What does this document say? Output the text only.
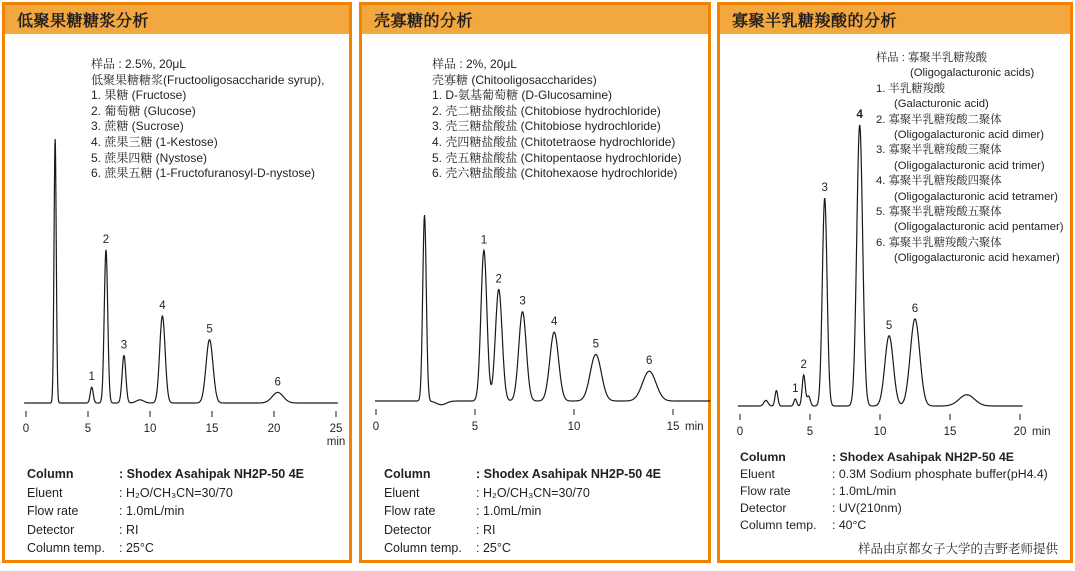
低聚果糖糖浆分析
样品 : 2.5%, 20μL
低聚果糖糖浆(Fructooligosaccharide syrup),
1. 果糖 (Fructose)
2. 葡萄糖 (Glucose)
3. 蔗糖 (Sucrose)
4. 蔗果三糖 (1-Kestose)
5. 蔗果四糖 (Nystose)
6. 蔗果五糖 (1-Fructofuranosyl-D-nystose)
0	5	10	15	20	25
min
1
2
3
4
5
6
Column	: Shodex Asahipak NH2P-50 4E
Eluent	: H₂O/CH₃CN=30/70
Flow rate	: 1.0mL/min
Detector	: RI
Column temp.	: 25°C
壳寡糖的分析
样品 : 2%, 20μL
壳寡糖 (Chitooligosaccharides)
1. D-氨基葡萄糖 (D-Glucosamine)
2. 壳二糖盐酸盐 (Chitobiose hydrochloride)
3. 壳三糖盐酸盐 (Chitobiose hydrochloride)
4. 壳四糖盐酸盐 (Chitotetraose hydrochloride)
5. 壳五糖盐酸盐 (Chitopentaose hydrochloride)
6. 壳六糖盐酸盐 (Chitohexaose hydrochloride)
0	5	10	15 min
1
2
3
4
5
6
Column	: Shodex Asahipak NH2P-50 4E
Eluent	: H₂O/CH₃CN=30/70
Flow rate	: 1.0mL/min
Detector	: RI
Column temp.	: 25°C
寡聚半乳糖羧酸的分析
样品 : 寡聚半乳糖羧酸
(Oligogalacturonic acids)
1. 半乳糖羧酸
(Galacturonic acid)
2. 寡聚半乳糖羧酸二聚体
(Oligogalacturonic acid dimer)
3. 寡聚半乳糖羧酸三聚体
(Oligogalacturonic acid trimer)
4. 寡聚半乳糖羧酸四聚体
(Oligogalacturonic acid tetramer)
5. 寡聚半乳糖羧酸五聚体
(Oligogalacturonic acid pentamer)
6. 寡聚半乳糖羧酸六聚体
(Oligogalacturonic acid hexamer)
0	5	10	15	20 min
1
2
3
4
5
6
Column	: Shodex Asahipak NH2P-50 4E
Eluent	: 0.3M Sodium phosphate buffer(pH4.4)
Flow rate	: 1.0mL/min
Detector	: UV(210nm)
Column temp.	: 40°C
样品由京都女子大学的吉野老师提供
